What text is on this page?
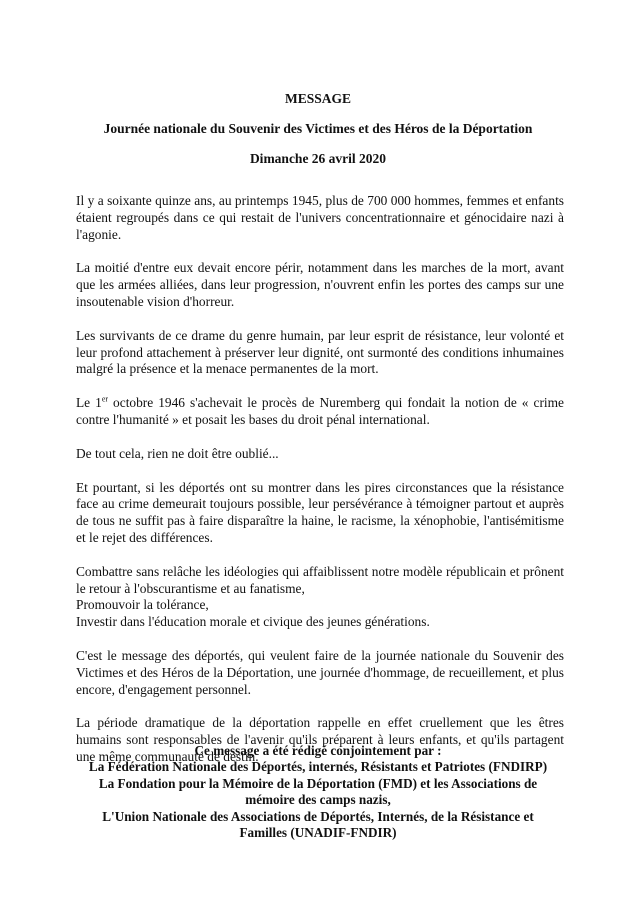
MESSAGE
Journée nationale du Souvenir des Victimes et des Héros de la Déportation
Dimanche 26 avril 2020

Il y a soixante quinze ans, au printemps 1945, plus de 700 000 hommes, femmes et enfants étaient regroupés dans ce qui restait de l'univers concentrationnaire et génocidaire nazi à l'agonie.

La moitié d'entre eux devait encore périr, notamment dans les marches de la mort, avant que les armées alliées, dans leur progression, n'ouvrent enfin les portes des camps sur une insoutenable vision d'horreur.

Les survivants de ce drame du genre humain, par leur esprit de résistance, leur volonté et leur profond attachement à préserver leur dignité, ont surmonté des conditions inhumaines malgré la présence et la menace permanentes de la mort.

Le 1er octobre 1946 s'achevait le procès de Nuremberg qui fondait la notion de « crime contre l'humanité » et posait les bases du droit pénal international.

De tout cela, rien ne doit être oublié...

Et pourtant, si les déportés ont su montrer dans les pires circonstances que la résistance face au crime demeurait toujours possible, leur persévérance à témoigner partout et auprès de tous ne suffit pas à faire disparaître la haine, le racisme, la xénophobie, l'antisémitisme et le rejet des différences.

Combattre sans relâche les idéologies qui affaiblissent notre modèle républicain et prônent le retour à l'obscurantisme et au fanatisme,
Promouvoir la tolérance,
Investir dans l'éducation morale et civique des jeunes générations.

C'est le message des déportés, qui veulent faire de la journée nationale du Souvenir des Victimes et des Héros de la Déportation, une journée d'hommage, de recueillement, et plus encore, d'engagement personnel.

La période dramatique de la déportation rappelle en effet cruellement que les êtres humains sont responsables de l'avenir qu'ils préparent à leurs enfants, et qu'ils partagent une même communauté de destin.

Ce message a été rédigé conjointement par :
La Fédération Nationale des Déportés, internés, Résistants et Patriotes (FNDIRP)
La Fondation pour la Mémoire de la Déportation (FMD) et les Associations de
mémoire des camps nazis,
L'Union Nationale des Associations de Déportés, Internés, de la Résistance et
Familles (UNADIF-FNDIR)
